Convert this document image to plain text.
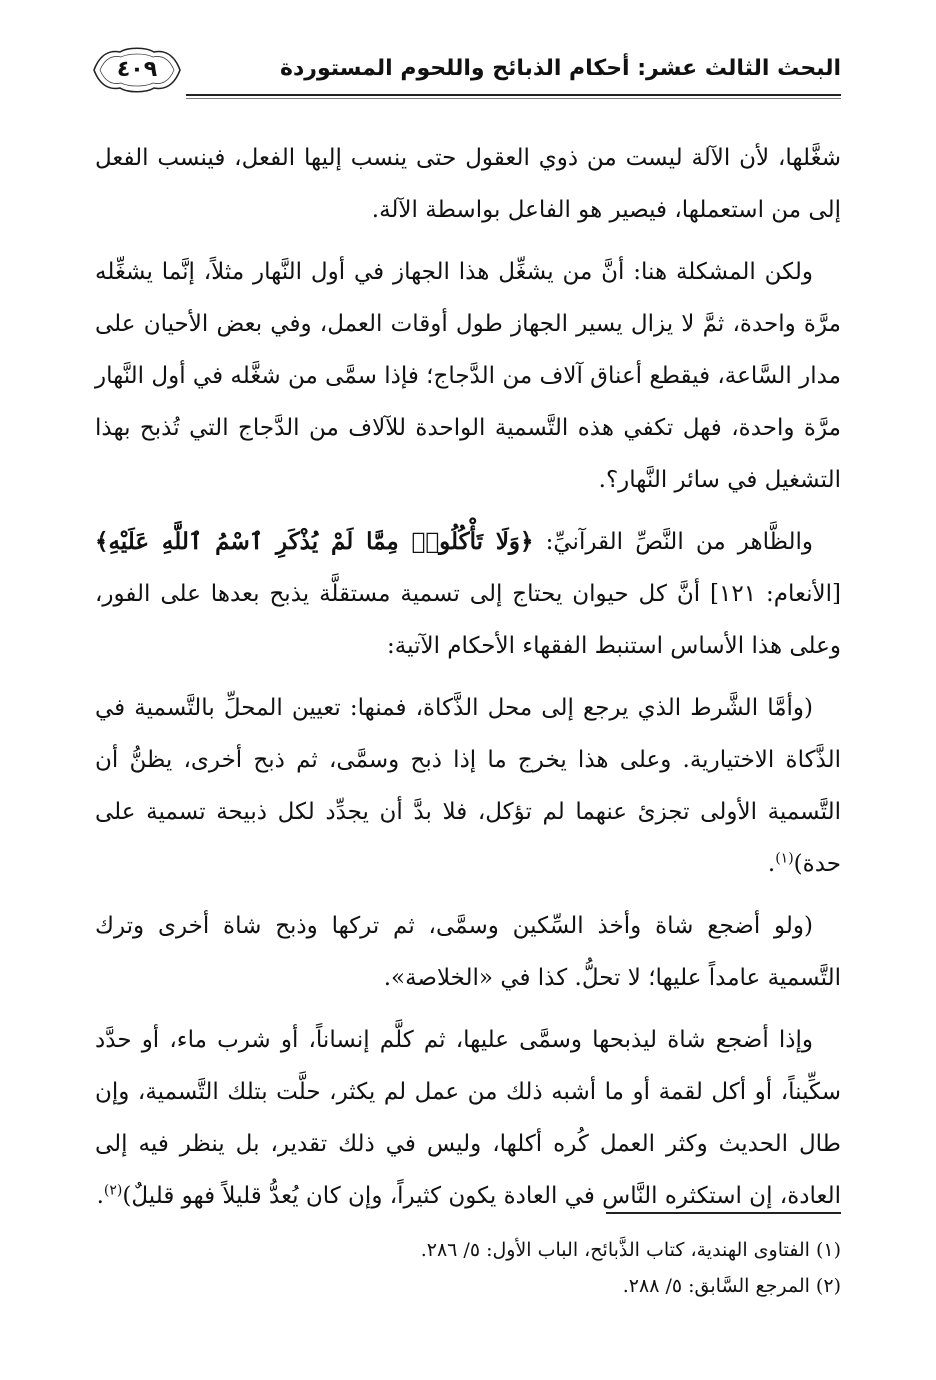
البحث الثالث عشر: أحكام الذبائح واللحوم المستوردة
٤٠٩

شغَّلها، لأن الآلة ليست من ذوي العقول حتى ينسب إليها الفعل، فينسب الفعل إلى من استعملها، فيصير هو الفاعل بواسطة الآلة.

ولكن المشكلة هنا: أنَّ من يشغِّل هذا الجهاز في أول النَّهار مثلاً، إنَّما يشغِّله مرَّة واحدة، ثمَّ لا يزال يسير الجهاز طول أوقات العمل، وفي بعض الأحيان على مدار السَّاعة، فيقطع أعناق آلاف من الدَّجاج؛ فإذا سمَّى من شغَّله في أول النَّهار مرَّة واحدة، فهل تكفي هذه التَّسمية الواحدة للآلاف من الدَّجاج التي تُذبح بهذا التشغيل في سائر النَّهار؟.

والظَّاهر من النَّصِّ القرآنيِّ: ﴿وَلَا تَأْكُلُوا۟ مِمَّا لَمْ يُذْكَرِ ٱسْمُ ٱللَّهِ عَلَيْهِ﴾ [الأنعام: ١٢١] أنَّ كل حيوان يحتاج إلى تسمية مستقلَّة يذبح بعدها على الفور، وعلى هذا الأساس استنبط الفقهاء الأحكام الآتية:

(وأمَّا الشَّرط الذي يرجع إلى محل الذَّكاة، فمنها: تعيين المحلِّ بالتَّسمية في الذَّكاة الاختيارية. وعلى هذا يخرج ما إذا ذبح وسمَّى، ثم ذبح أخرى، يظنُّ أن التَّسمية الأولى تجزئ عنهما لم تؤكل، فلا بدَّ أن يجدِّد لكل ذبيحة تسمية على حدة)$^{(١)}$.

(ولو أضجع شاة وأخذ السِّكين وسمَّى، ثم تركها وذبح شاة أخرى وترك التَّسمية عامداً عليها؛ لا تحلُّ. كذا في «الخلاصة».

وإذا أضجع شاة ليذبحها وسمَّى عليها، ثم كلَّم إنساناً، أو شرب ماء، أو حدَّد سكِّيناً، أو أكل لقمة أو ما أشبه ذلك من عمل لم يكثر، حلَّت بتلك التَّسمية، وإن طال الحديث وكثر العمل كُره أكلها، وليس في ذلك تقدير، بل ينظر فيه إلى العادة، إن استكثره النَّاس في العادة يكون كثيراً، وإن كان يُعدُّ قليلاً فهو قليلٌ)$^{(٢)}$.

(١) الفتاوى الهندية، كتاب الذَّبائح، الباب الأول: ٥/ ٢٨٦.

(٢) المرجع السَّابق: ٥/ ٢٨٨.
